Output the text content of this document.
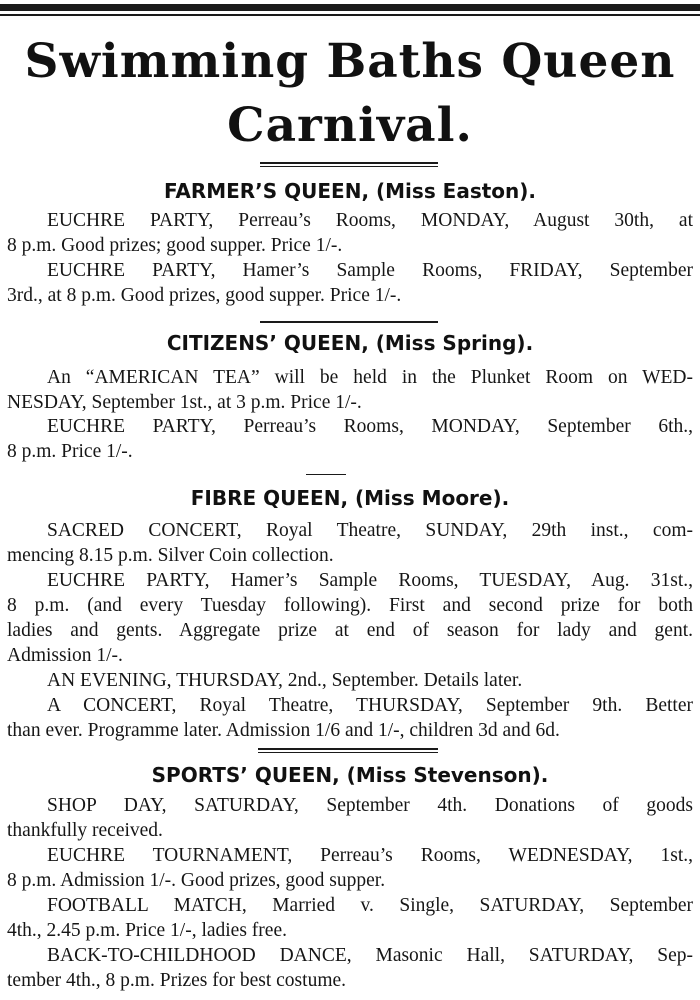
Swimming Baths Queen
Carnival.
FARMER’S QUEEN, (Miss Easton).

EUCHRE PARTY, Perreau’s Rooms, MONDAY, August 30th, at
8 p.m. Good prizes; good supper. Price 1/-.

EUCHRE PARTY, Hamer’s Sample Rooms, FRIDAY, September
3rd., at 8 p.m. Good prizes, good supper. Price 1/-.

CITIZENS’ QUEEN, (Miss Spring).

An “AMERICAN TEA” will be held in the Plunket Room on WED-
NESDAY, September 1st., at 3 p.m. Price 1/-.

EUCHRE PARTY, Perreau’s Rooms, MONDAY, September 6th.,
8 p.m. Price 1/-.

FIBRE QUEEN, (Miss Moore).

SACRED CONCERT, Royal Theatre, SUNDAY, 29th inst., com-
mencing 8.15 p.m. Silver Coin collection.

EUCHRE PARTY, Hamer’s Sample Rooms, TUESDAY, Aug. 31st.,
8 p.m. (and every Tuesday following). First and second prize for both
ladies and gents. Aggregate prize at end of season for lady and gent.
Admission 1/-.

AN EVENING, THURSDAY, 2nd., September. Details later.

A CONCERT, Royal Theatre, THURSDAY, September 9th. Better
than ever. Programme later. Admission 1/6 and 1/-, children 3d and 6d.

SPORTS’ QUEEN, (Miss Stevenson).

SHOP DAY, SATURDAY, September 4th. Donations of goods
thankfully received.

EUCHRE TOURNAMENT, Perreau’s Rooms, WEDNESDAY, 1st.,
8 p.m. Admission 1/-. Good prizes, good supper.

FOOTBALL MATCH, Married v. Single, SATURDAY, September
4th., 2.45 p.m. Price 1/-, ladies free.

BACK-TO-CHILDHOOD DANCE, Masonic Hall, SATURDAY, Sep-
tember 4th., 8 p.m. Prizes for best costume.
